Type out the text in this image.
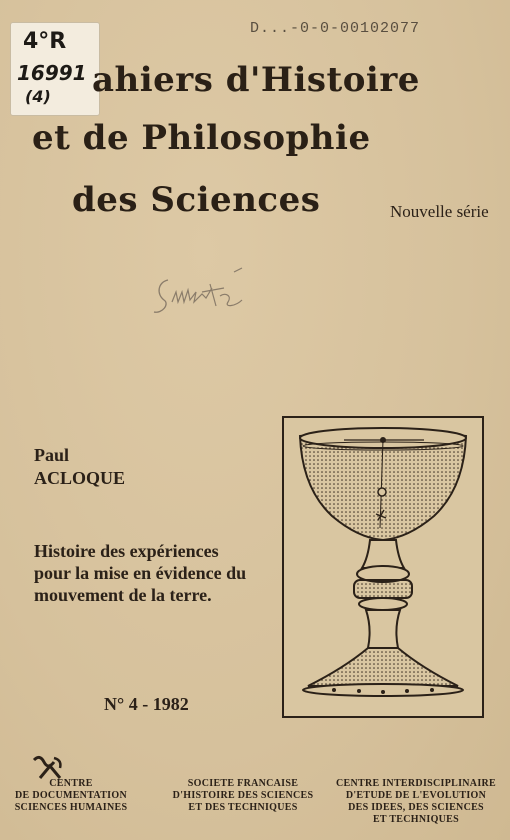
4°R
16991
(4)
D...-0-0-00102077
ahiers d'Histoire
et de Philosophie
des Sciences	Nouvelle série
Paul
ACLOQUE
Histoire des expériences
pour la mise en évidence du
mouvement de la terre.
N° 4 - 1982
CENTRE
DE DOCUMENTATION
SCIENCES HUMAINES
SOCIETE FRANCAISE
D'HISTOIRE DES SCIENCES
ET DES TECHNIQUES
CENTRE INTERDISCIPLINAIRE
D'ETUDE DE L'EVOLUTION
DES IDEES, DES SCIENCES
ET TECHNIQUES
